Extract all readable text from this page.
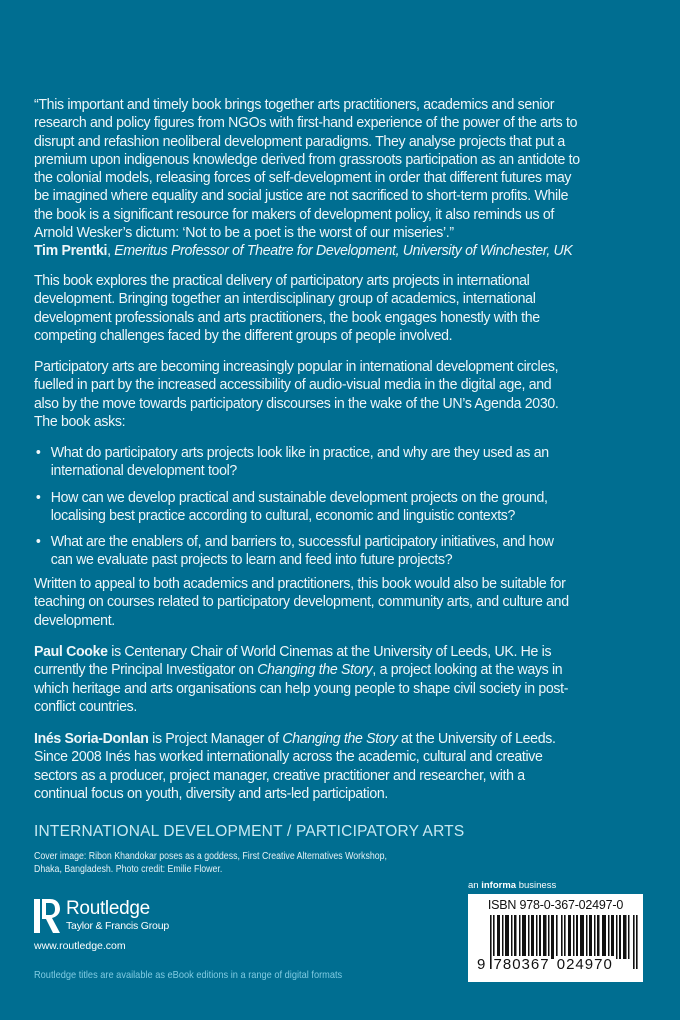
“This important and timely book brings together arts practitioners, academics and senior
research and policy figures from NGOs with first-hand experience of the power of the arts to
disrupt and refashion neoliberal development paradigms. They analyse projects that put a
premium upon indigenous knowledge derived from grassroots participation as an antidote to
the colonial models, releasing forces of self-development in order that different futures may
be imagined where equality and social justice are not sacrificed to short-term profits. While
the book is a significant resource for makers of development policy, it also reminds us of
Arnold Wesker’s dictum: ‘Not to be a poet is the worst of our miseries’.”
Tim Prentki, Emeritus Professor of Theatre for Development, University of Winchester, UK
This book explores the practical delivery of participatory arts projects in international
development. Bringing together an interdisciplinary group of academics, international
development professionals and arts practitioners, the book engages honestly with the
competing challenges faced by the different groups of people involved.
Participatory arts are becoming increasingly popular in international development circles,
fuelled in part by the increased accessibility of audio-visual media in the digital age, and
also by the move towards participatory discourses in the wake of the UN’s Agenda 2030.
The book asks:
• What do participatory arts projects look like in practice, and why are they used as an
international development tool?
• How can we develop practical and sustainable development projects on the ground,
localising best practice according to cultural, economic and linguistic contexts?
• What are the enablers of, and barriers to, successful participatory initiatives, and how
can we evaluate past projects to learn and feed into future projects?
Written to appeal to both academics and practitioners, this book would also be suitable for
teaching on courses related to participatory development, community arts, and culture and
development.
Paul Cooke is Centenary Chair of World Cinemas at the University of Leeds, UK. He is
currently the Principal Investigator on Changing the Story, a project looking at the ways in
which heritage and arts organisations can help young people to shape civil society in post-
conflict countries.
Inés Soria-Donlan is Project Manager of Changing the Story at the University of Leeds.
Since 2008 Inés has worked internationally across the academic, cultural and creative
sectors as a producer, project manager, creative practitioner and researcher, with a
continual focus on youth, diversity and arts-led participation.
INTERNATIONAL DEVELOPMENT / PARTICIPATORY ARTS
Cover image: Ribon Khandokar poses as a goddess, First Creative Alternatives Workshop,
Dhaka, Bangladesh. Photo credit: Emilie Flower.
Routledge
Taylor & Francis Group
www.routledge.com
Routledge titles are available as eBook editions in a range of digital formats
an informa business
ISBN 978-0-367-02497-0
9 780367 024970
